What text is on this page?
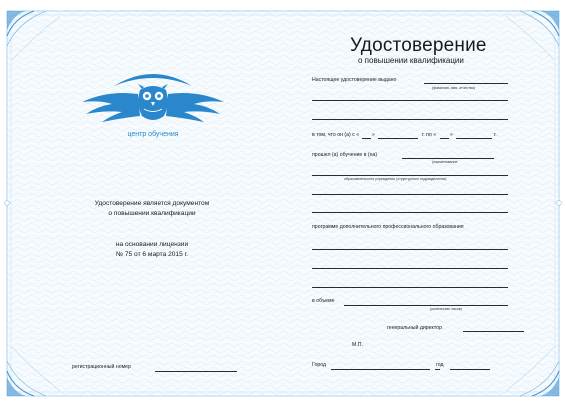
центр обучения
Удостоверение является документом
о повышении квалификации
на основании лицензии
№ 75 от 6 марта 2015 г.
регистрационный номер
Удостоверение
о повышении квалификации
Настоящее удостоверение выдано
(фамилия, имя, отчество)
в том, что он (а) с « »	г. по «	»	г.
прошел (а) обучение в (на)
(наименование
образовательного учреждения (структурного подразделения)
программе дополнительного профессионального образования
в объеме
(количество часов)
генеральный директор
М.П.
Город	год
